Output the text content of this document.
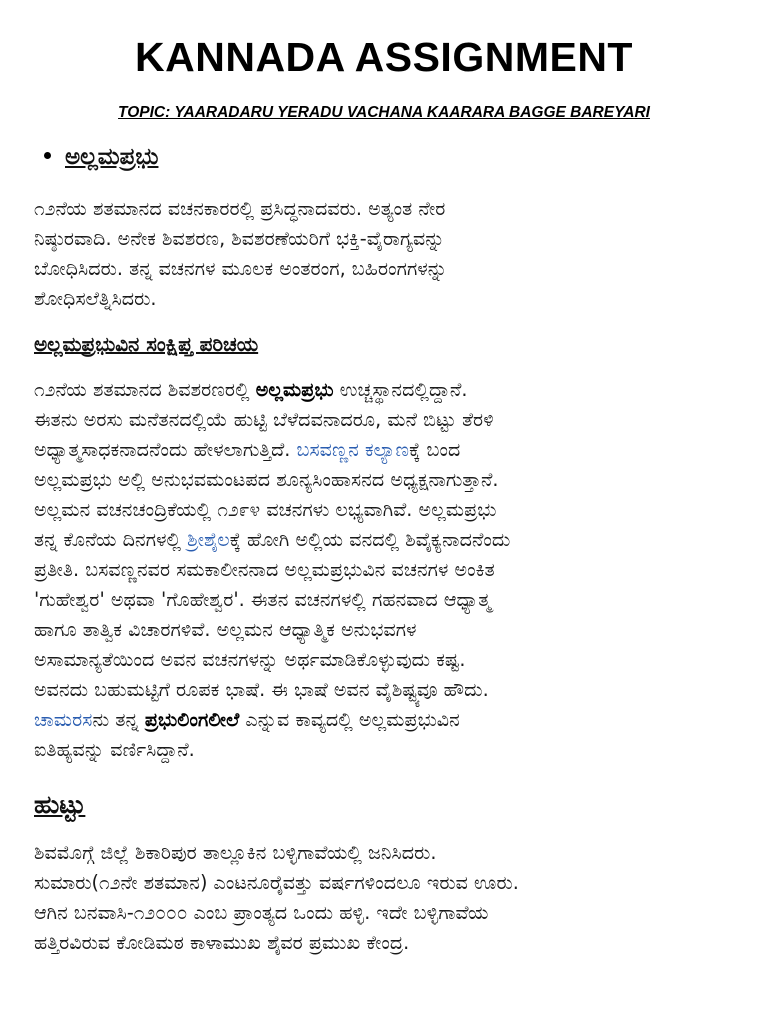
KANNADA ASSIGNMENT
TOPIC: YAARADARU YERADU VACHANA KAARARA BAGGE BAREYARI
ಅಲ್ಲಮಪ್ರಭು
೧೨ನೆಯ ಶತಮಾನದ ವಚನಕಾರರಲ್ಲಿ ಪ್ರಸಿದ್ಧನಾದವರು. ಅತ್ಯಂತ ನೇರ
ನಿಷ್ಠುರವಾದಿ. ಅನೇಕ ಶಿವಶರಣ, ಶಿವಶರಣೆಯರಿಗೆ ಭಕ್ತಿ-ವೈರಾಗ್ಯವನ್ನು
ಬೋಧಿಸಿದರು. ತನ್ನ ವಚನಗಳ ಮೂಲಕ ಅಂತರಂಗ, ಬಹಿರಂಗಗಳನ್ನು
ಶೋಧಿಸಲೆತ್ನಿಸಿದರು.
ಅಲ್ಲಮಪ್ರಭುವಿನ ಸಂಕ್ಷಿಪ್ತ ಪರಿಚಯ
೧೨ನೆಯ ಶತಮಾನದ ಶಿವಶರಣರಲ್ಲಿ ಅಲ್ಲಮಪ್ರಭು ಉಚ್ಚಸ್ಥಾನದಲ್ಲಿದ್ದಾನೆ.
ಈತನು ಅರಸು ಮನೆತನದಲ್ಲಿಯೆ ಹುಟ್ಟಿ ಬೆಳೆದವನಾದರೂ, ಮನೆ ಬಿಟ್ಟು ತೆರಳಿ
ಅಧ್ಯಾತ್ಮಸಾಧಕನಾದನೆಂದು ಹೇಳಲಾಗುತ್ತಿದೆ. ಬಸವಣ್ಣನ ಕಲ್ಯಾಣಕ್ಕೆ ಬಂದ
ಅಲ್ಲಮಪ್ರಭು ಅಲ್ಲಿ ಅನುಭವಮಂಟಪದ ಶೂನ್ಯಸಿಂಹಾಸನದ ಅಧ್ಯಕ್ಷನಾಗುತ್ತಾನೆ.
ಅಲ್ಲಮನ ವಚನಚಂದ್ರಿಕೆಯಲ್ಲಿ ೧೨೯೪ ವಚನಗಳು ಲಭ್ಯವಾಗಿವೆ. ಅಲ್ಲಮಪ್ರಭು
ತನ್ನ ಕೊನೆಯ ದಿನಗಳಲ್ಲಿ ಶ್ರೀಶೈಲಕ್ಕೆ ಹೋಗಿ ಅಲ್ಲಿಯ ವನದಲ್ಲಿ ಶಿವೈಕ್ಯನಾದನೆಂದು
ಪ್ರತೀತಿ. ಬಸವಣ್ಣನವರ ಸಮಕಾಲೀನನಾದ ಅಲ್ಲಮಪ್ರಭುವಿನ ವಚನಗಳ ಅಂಕಿತ
'ಗುಹೇಶ್ವರ' ಅಥವಾ 'ಗೊಹೇಶ್ವರ'. ಈತನ ವಚನಗಳಲ್ಲಿ ಗಹನವಾದ ಆಧ್ಯಾತ್ಮ
ಹಾಗೂ ತಾತ್ವಿಕ ವಿಚಾರಗಳಿವೆ. ಅಲ್ಲಮನ ಆಧ್ಯಾತ್ಮಿಕ ಅನುಭವಗಳ
ಅಸಾಮಾನ್ಯತೆಯಿಂದ ಅವನ ವಚನಗಳನ್ನು ಅರ್ಥಮಾಡಿಕೊಳ್ಳುವುದು ಕಷ್ಟ.
ಅವನದು ಬಹುಮಟ್ಟಿಗೆ ರೂಪಕ ಭಾಷೆ. ಈ ಭಾಷೆ ಅವನ ವೈಶಿಷ್ಟ್ಯವೂ ಹೌದು.
ಚಾಮರಸನು ತನ್ನ ಪ್ರಭುಲಿಂಗಲೀಲೆ ಎನ್ನುವ ಕಾವ್ಯದಲ್ಲಿ ಅಲ್ಲಮಪ್ರಭುವಿನ
ಐತಿಹ್ಯವನ್ನು ವರ್ಣಿಸಿದ್ದಾನೆ.
ಹುಟ್ಟು
ಶಿವಮೊಗ್ಗೆ ಜಿಲ್ಲೆ ಶಿಕಾರಿಪುರ ತಾಲ್ಲೂಕಿನ ಬಳ್ಳಿಗಾವೆಯಲ್ಲಿ ಜನಿಸಿದರು.
ಸುಮಾರು(೧೨ನೇ ಶತಮಾನ) ಎಂಟನೂರೈವತ್ತು ವರ್ಷಗಳಿಂದಲೂ ಇರುವ ಊರು.
ಆಗಿನ ಬನವಾಸಿ-೧೨೦೦೦ ಎಂಬ ಪ್ರಾಂತ್ಯದ ಒಂದು ಹಳ್ಳಿ. ಇದೇ ಬಳ್ಳಿಗಾವೆಯ
ಹತ್ತಿರವಿರುವ ಕೋಡಿಮಠ ಕಾಳಾಮುಖ ಶೈವರ ಪ್ರಮುಖ ಕೇಂದ್ರ.
